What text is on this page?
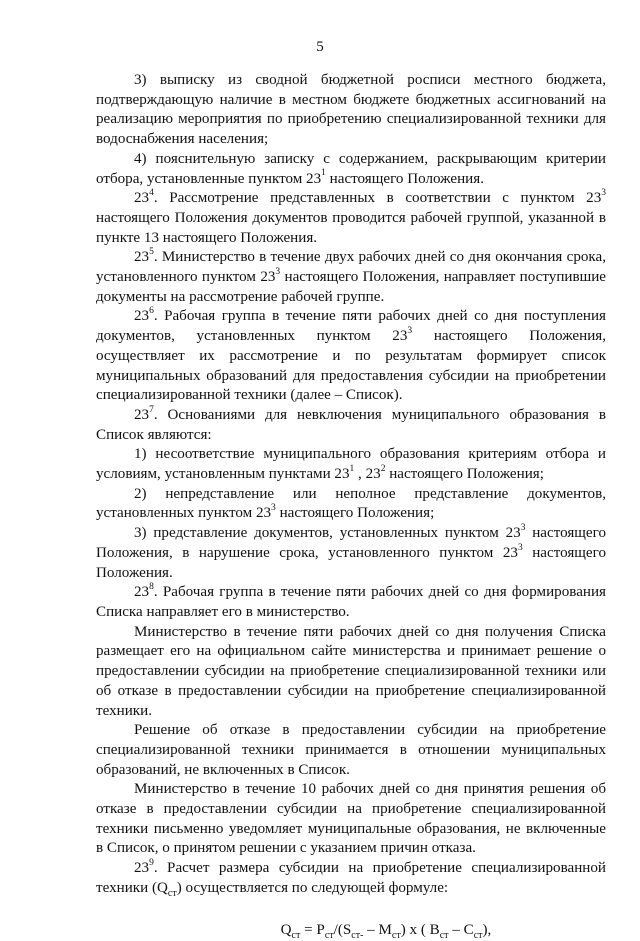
5

3) выписку из сводной бюджетной росписи местного бюджета, подтверждающую наличие в местном бюджете бюджетных ассигнований на реализацию мероприятия по приобретению специализированной техники для водоснабжения населения;

4) пояснительную записку с содержанием, раскрывающим критерии отбора, установленные пунктом $23^1$ настоящего Положения.

$23^4$. Рассмотрение представленных в соответствии с пунктом $23^3$ настоящего Положения документов проводится рабочей группой, указанной в пункте 13 настоящего Положения.

$23^5$. Министерство в течение двух рабочих дней со дня окончания срока, установленного пунктом $23^3$ настоящего Положения, направляет поступившие документы на рассмотрение рабочей группе.

$23^6$. Рабочая группа в течение пяти рабочих дней со дня поступления документов, установленных пунктом $23^3$ настоящего Положения, осуществляет их рассмотрение и по результатам формирует список муниципальных образований для предоставления субсидии на приобретении специализированной техники (далее – Список).

$23^7$. Основаниями для невключения муниципального образования в Список являются:

1) несоответствие муниципального образования критериям отбора и условиям, установленным пунктами $23^1$ , $23^2$ настоящего Положения;

2) непредставление или неполное представление документов, установленных пунктом $23^3$ настоящего Положения;

3) представление документов, установленных пунктом $23^3$ настоящего Положения, в нарушение срока, установленного пунктом $23^3$ настоящего Положения.

$23^8$. Рабочая группа в течение пяти рабочих дней со дня формирования Списка направляет его в министерство.

Министерство в течение пяти рабочих дней со дня получения Списка размещает его на официальном сайте министерства и принимает решение о предоставлении субсидии на приобретение специализированной техники или об отказе в предоставлении субсидии на приобретение специализированной техники.

Решение об отказе в предоставлении субсидии на приобретение специализированной техники принимается в отношении муниципальных образований, не включенных в Список.

Министерство в течение 10 рабочих дней со дня принятия решения об отказе в предоставлении субсидии на приобретение специализированной техники письменно уведомляет муниципальные образования, не включенные в Список, о принятом решении с указанием причин отказа.

$23^9$. Расчет размера субсидии на приобретение специализированной техники $(Q_{ст})$ осуществляется по следующей формуле:

$Q_{ст} = P_{ст}/(S_{ст-} - M_{ст})$ x ( $B_{ст} - C_{ст}$),
